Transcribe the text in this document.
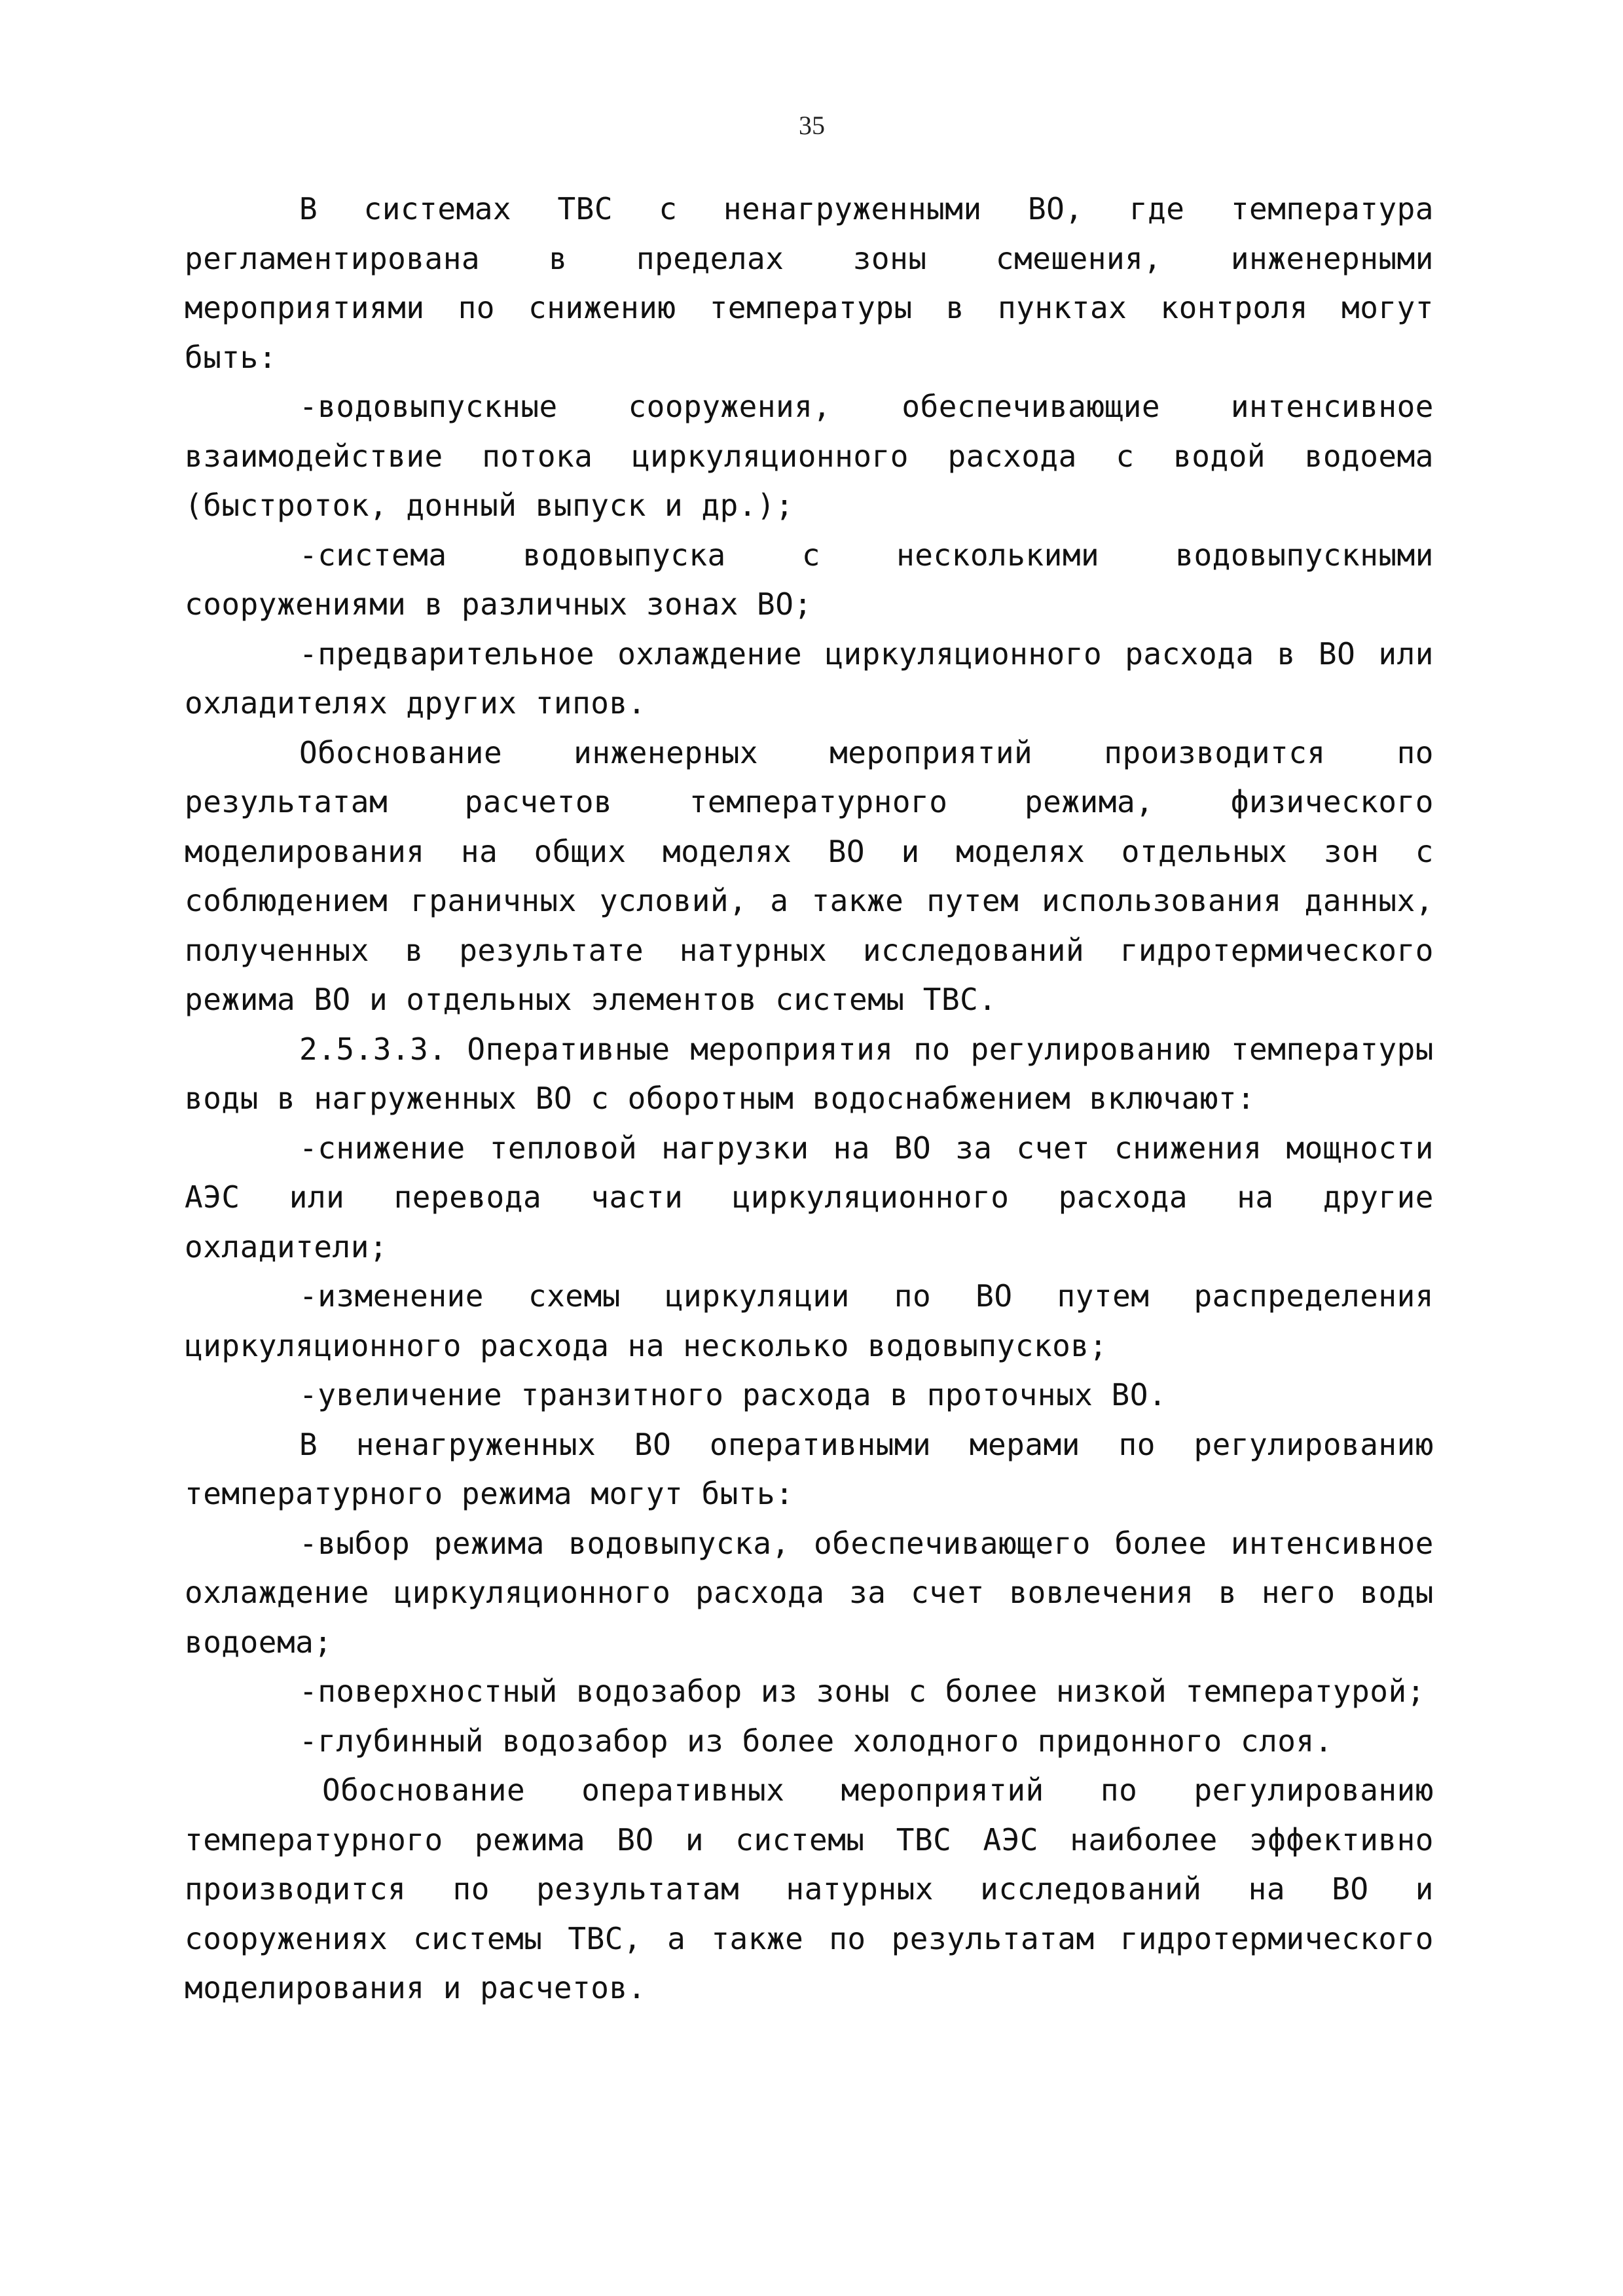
35

В системах ТВС с ненагруженными ВО, где температура регламентирована в пределах зоны смешения, инженерными мероприятиями по снижению температуры в пунктах контроля могут быть:

-водовыпускные сооружения, обеспечивающие интенсивное взаимодействие потока циркуляционного расхода с водой водоема (быстроток, донный выпуск и др.);

-система водовыпуска с несколькими водовыпускными сооружениями в различных зонах ВО;

-предварительное охлаждение циркуляционного расхода в ВО или охладителях других типов.

Обоснование инженерных мероприятий производится по результатам расчетов температурного режима, физического моделирования на общих моделях ВО и моделях отдельных зон с соблюдением граничных условий, а также путем использования данных, полученных в результате натурных исследований гидротермического режима ВО и отдельных элементов системы ТВС.

2.5.3.3. Оперативные мероприятия по регулированию температуры воды в нагруженных ВО с оборотным водоснабжением включают:

-снижение тепловой нагрузки на ВО за счет снижения мощности АЭС или перевода части циркуляционного расхода на другие охладители;

-изменение схемы циркуляции по ВО путем распределения циркуляционного расхода на несколько водовыпусков;

-увеличение транзитного расхода в проточных ВО.

В ненагруженных ВО оперативными мерами по регулированию температурного режима могут быть:

-выбор режима водовыпуска, обеспечивающего более интенсивное охлаждение циркуляционного расхода за счет вовлечения в него воды водоема;

-поверхностный водозабор из зоны с более низкой температурой;

-глубинный водозабор из более холодного придонного слоя.

Обоснование оперативных мероприятий по регулированию температурного режима ВО и системы ТВС АЭС наиболее эффективно производится по результатам натурных исследований на ВО и сооружениях системы ТВС, а также по результатам гидротермического моделирования и расчетов.
